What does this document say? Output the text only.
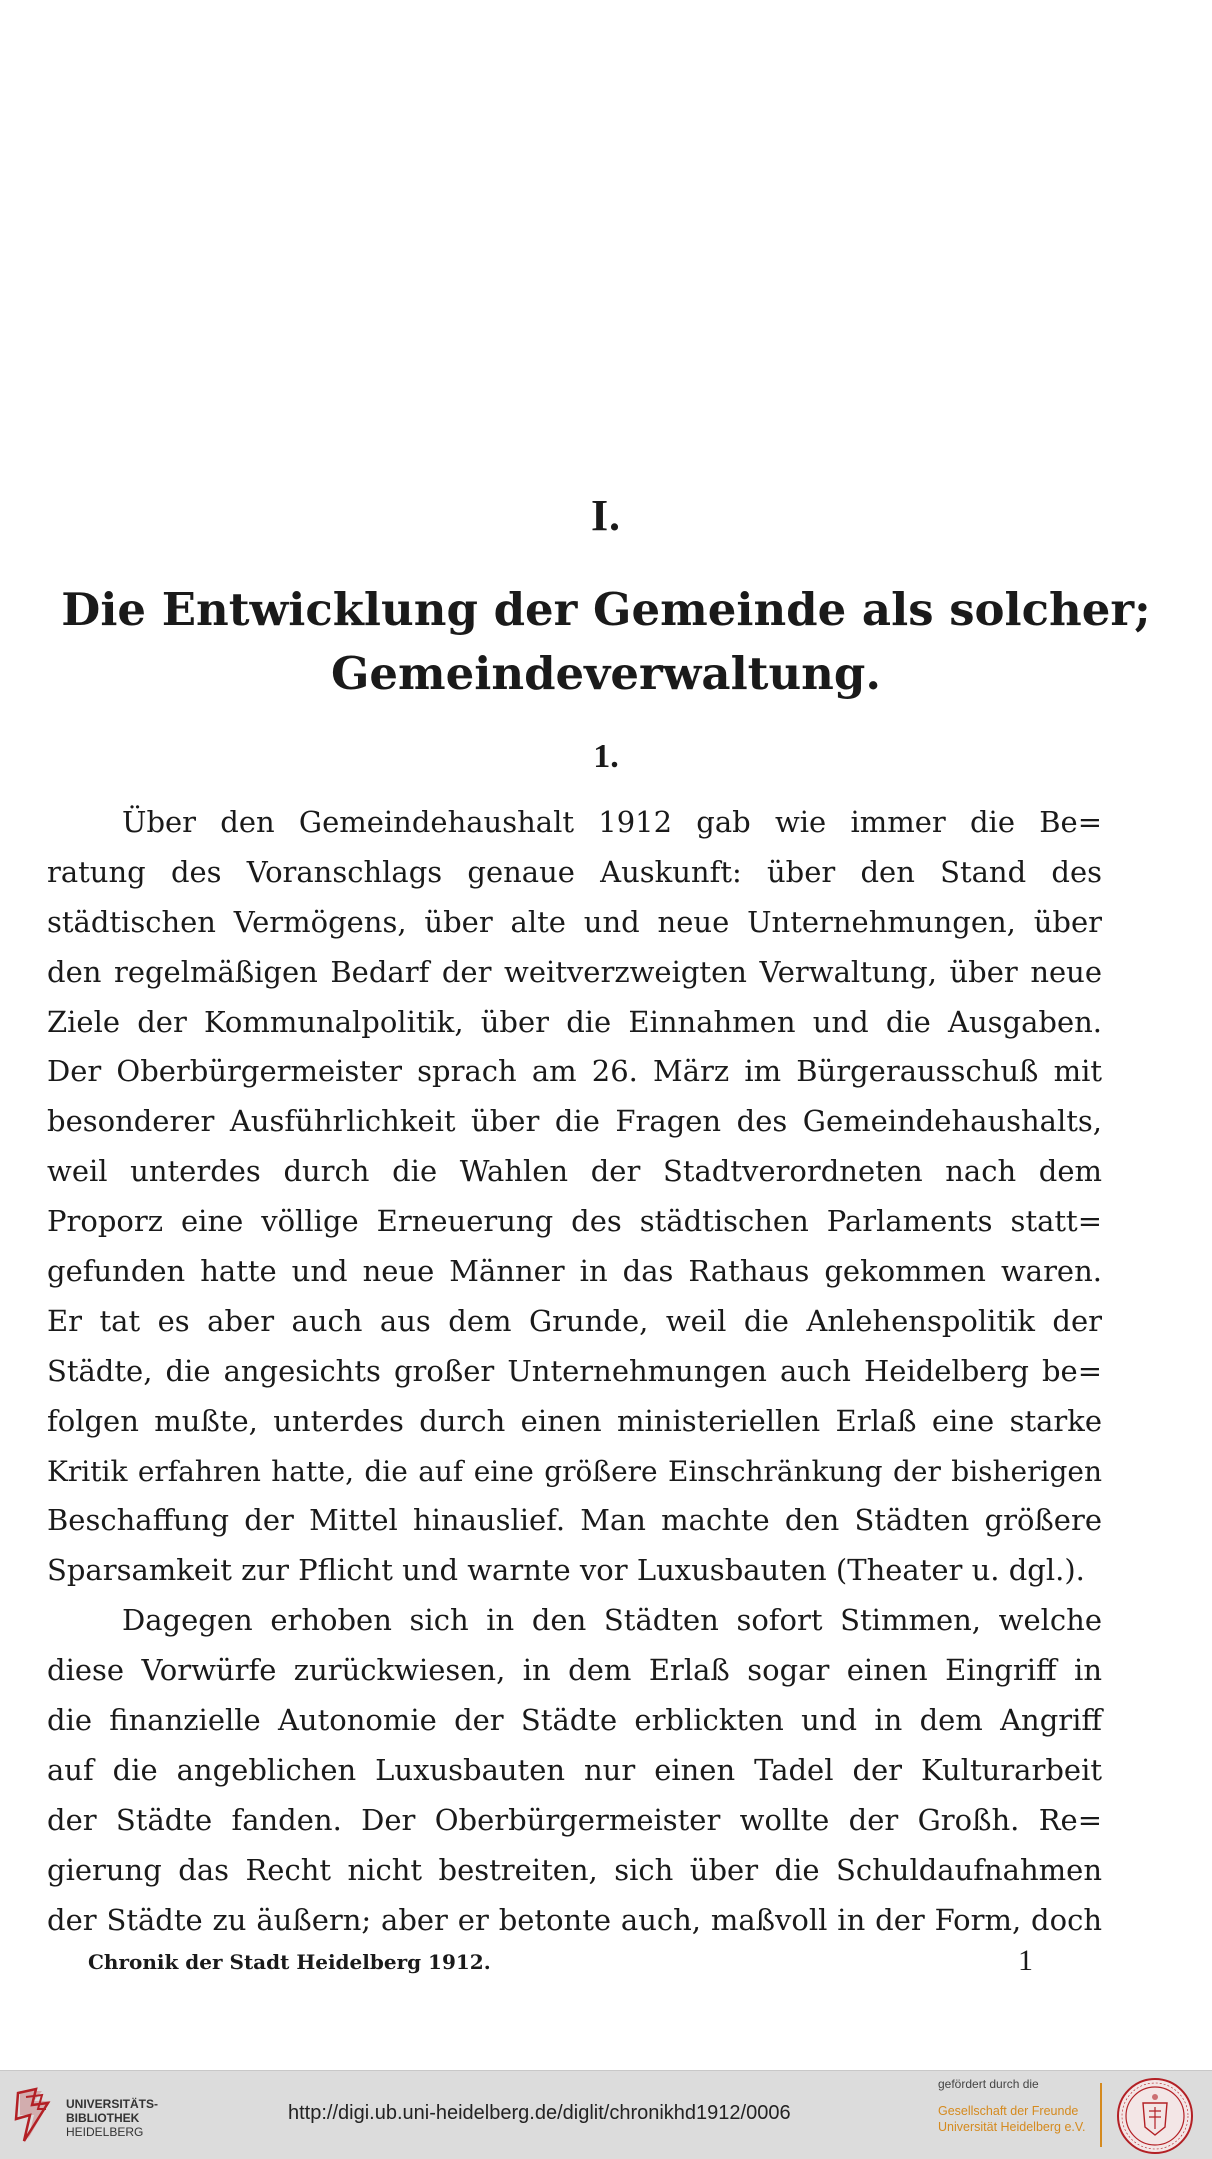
I.
Die Entwicklung der Gemeinde als solcher;
Gemeindeverwaltung.
1.
Über den Gemeindehaushalt 1912 gab wie immer die Be=
ratung des Voranschlags genaue Auskunft: über den Stand des
städtischen Vermögens, über alte und neue Unternehmungen, über
den regelmäßigen Bedarf der weitverzweigten Verwaltung, über neue
Ziele der Kommunalpolitik, über die Einnahmen und die Ausgaben.
Der Oberbürgermeister sprach am 26. März im Bürgerausschuß mit
besonderer Ausführlichkeit über die Fragen des Gemeindehaushalts,
weil unterdes durch die Wahlen der Stadtverordneten nach dem
Proporz eine völlige Erneuerung des städtischen Parlaments statt=
gefunden hatte und neue Männer in das Rathaus gekommen waren.
Er tat es aber auch aus dem Grunde, weil die Anlehenspolitik der
Städte, die angesichts großer Unternehmungen auch Heidelberg be=
folgen mußte, unterdes durch einen ministeriellen Erlaß eine starke
Kritik erfahren hatte, die auf eine größere Einschränkung der bisherigen
Beschaffung der Mittel hinauslief. Man machte den Städten größere
Sparsamkeit zur Pflicht und warnte vor Luxusbauten (Theater u. dgl.).
Dagegen erhoben sich in den Städten sofort Stimmen, welche
diese Vorwürfe zurückwiesen, in dem Erlaß sogar einen Eingriff in
die finanzielle Autonomie der Städte erblickten und in dem Angriff
auf die angeblichen Luxusbauten nur einen Tadel der Kulturarbeit
der Städte fanden. Der Oberbürgermeister wollte der Großh. Re=
gierung das Recht nicht bestreiten, sich über die Schuldaufnahmen
der Städte zu äußern; aber er betonte auch, maßvoll in der Form, doch
Chronik der Stadt Heidelberg 1912.	1
UNIVERSITÄTS-
BIBLIOTHEK
HEIDELBERG
http://digi.ub.uni-heidelberg.de/diglit/chronikhd1912/0006
gefördert durch die
Gesellschaft der Freunde
Universität Heidelberg e.V.
